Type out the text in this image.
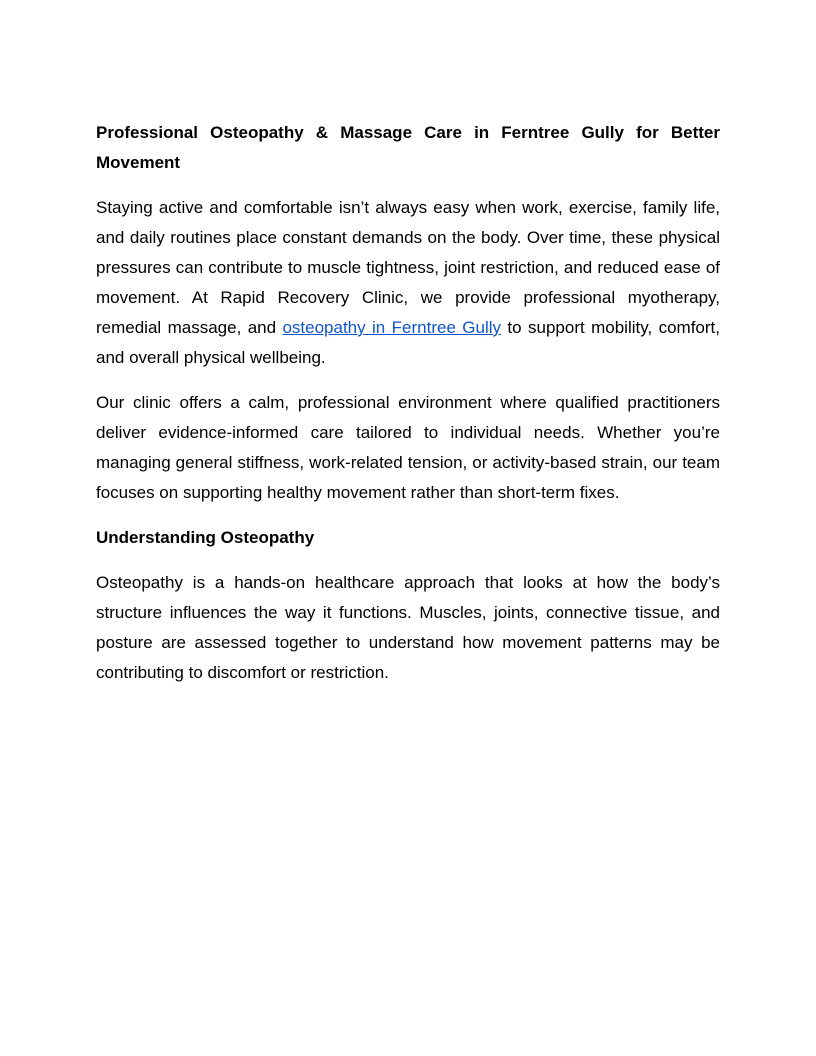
Professional Osteopathy & Massage Care in Ferntree Gully for Better Movement

Staying active and comfortable isn’t always easy when work, exercise, family life, and daily routines place constant demands on the body. Over time, these physical pressures can contribute to muscle tightness, joint restriction, and reduced ease of movement. At Rapid Recovery Clinic, we provide professional myotherapy, remedial massage, and osteopathy in Ferntree Gully to support mobility, comfort, and overall physical wellbeing.

Our clinic offers a calm, professional environment where qualified practitioners deliver evidence-informed care tailored to individual needs. Whether you’re managing general stiffness, work-related tension, or activity-based strain, our team focuses on supporting healthy movement rather than short-term fixes.

Understanding Osteopathy

Osteopathy is a hands-on healthcare approach that looks at how the body’s structure influences the way it functions. Muscles, joints, connective tissue, and posture are assessed together to understand how movement patterns may be contributing to discomfort or restriction.
